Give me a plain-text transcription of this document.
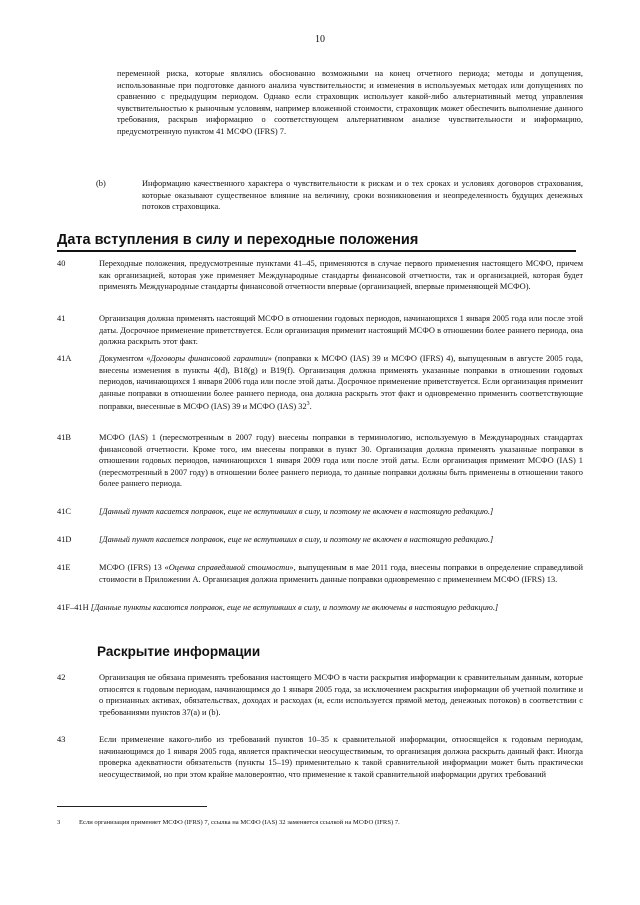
10
переменной риска, которые являлись обоснованно возможными на конец отчетного периода; методы и допущения, использованные при подготовке данного анализа чувствительности; и изменения в используемых методах или допущениях по сравнению с предыдущим периодом. Однако если страховщик использует какой-либо альтернативный метод управления чувствительностью к рыночным условиям, например вложенной стоимости, страховщик может обеспечить выполнение данного требования, раскрыв информацию о соответствующем альтернативном анализе чувствительности и информацию, предусмотренную пунктом 41 МСФО (IFRS) 7.
(b)	Информацию качественного характера о чувствительности к рискам и о тех сроках и условиях договоров страхования, которые оказывают существенное влияние на величину, сроки возникновения и неопределенность будущих денежных потоков страховщика.
Дата вступления в силу и переходные положения
40	Переходные положения, предусмотренные пунктами 41–45, применяются в случае первого применения настоящего МСФО, причем как организацией, которая уже применяет Международные стандарты финансовой отчетности, так и организацией, которая будет применять Международные стандарты финансовой отчетности впервые (организацией, впервые применяющей МСФО).
41	Организация должна применять настоящий МСФО в отношении годовых периодов, начинающихся 1 января 2005 года или после этой даты. Досрочное применение приветствуется. Если организация применит настоящий МСФО в отношении более раннего периода, она должна раскрыть этот факт.
41A	Документом «Договоры финансовой гарантии» (поправки к МСФО (IAS) 39 и МСФО (IFRS) 4), выпущенным в августе 2005 года, внесены изменения в пункты 4(d), B18(g) и B19(f). Организация должна применять указанные поправки в отношении годовых периодов, начинающихся 1 января 2006 года или после этой даты. Досрочное применение приветствуется. Если организация применит данные поправки в отношении более раннего периода, она должна раскрыть этот факт и одновременно применить соответствующие поправки, внесенные в МСФО (IAS) 39 и МСФО (IAS) $32^3$.
41B	МСФО (IAS) 1 (пересмотренным в 2007 году) внесены поправки в терминологию, используемую в Международных стандартах финансовой отчетности. Кроме того, им внесены поправки в пункт 30. Организация должна применять указанные поправки в отношении годовых периодов, начинающихся 1 января 2009 года или после этой даты. Если организация применит МСФО (IAS) 1 (пересмотренный в 2007 году) в отношении более раннего периода, то данные поправки должны быть применены в отношении такого более раннего периода.
41C	[Данный пункт касается поправок, еще не вступивших в силу, и поэтому не включен в настоящую редакцию.]
41D	[Данный пункт касается поправок, еще не вступивших в силу, и поэтому не включен в настоящую редакцию.]
41E	МСФО (IFRS) 13 «Оценка справедливой стоимости», выпущенным в мае 2011 года, внесены поправки в определение справедливой стоимости в Приложении А. Организация должна применить данные поправки одновременно с применением МСФО (IFRS) 13.
41F–41H [Данные пункты касаются поправок, еще не вступивших в силу, и поэтому не включены в настоящую редакцию.]
Раскрытие информации
42	Организация не обязана применять требования настоящего МСФО в части раскрытия информации к сравнительным данным, которые относятся к годовым периодам, начинающимся до 1 января 2005 года, за исключением раскрытия информации об учетной политике и о признанных активах, обязательствах, доходах и расходах (и, если используется прямой метод, денежных потоков) в соответствии с требованиями пунктов 37(a) и (b).
43	Если применение какого-либо из требований пунктов 10–35 к сравнительной информации, относящейся к годовым периодам, начинающимся до 1 января 2005 года, является практически неосуществимым, то организация должна раскрыть данный факт. Иногда проверка адекватности обязательств (пункты 15–19) применительно к такой сравнительной информации может быть практически неосуществимой, но при этом крайне маловероятно, что применение к такой сравнительной информации других требований
3	Если организация применяет МСФО (IFRS) 7, ссылка на МСФО (IAS) 32 заменяется ссылкой на МСФО (IFRS) 7.
